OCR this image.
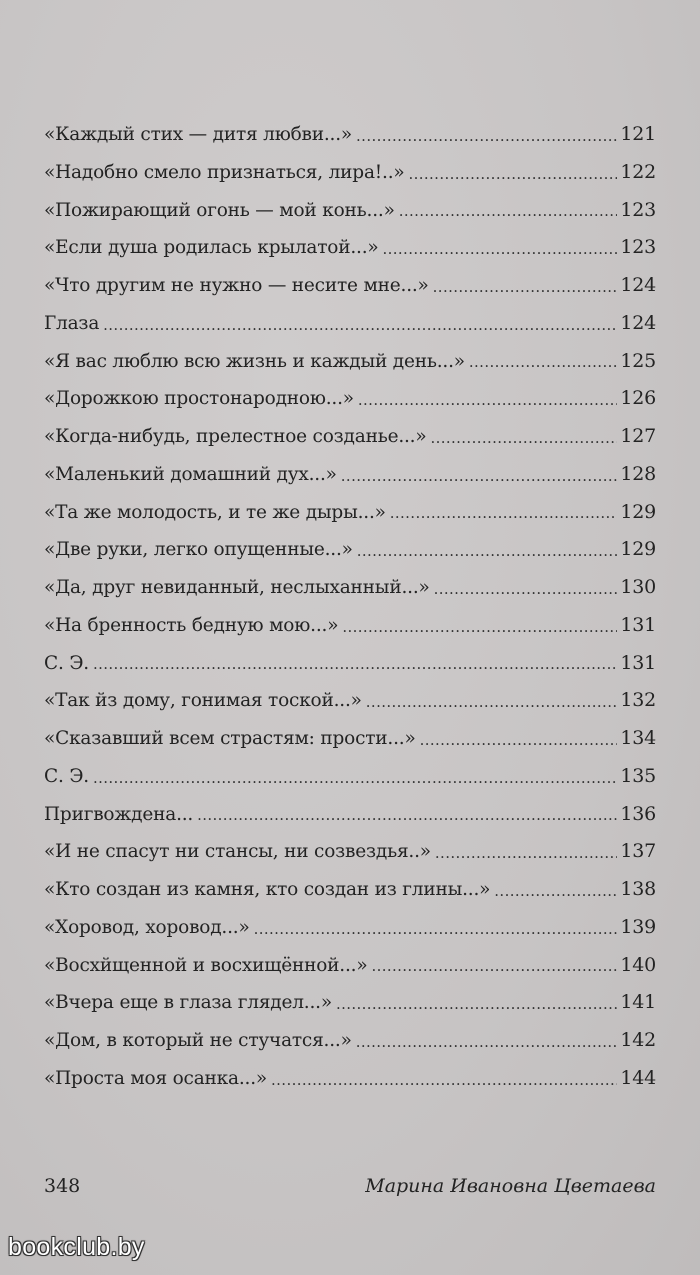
«Каждый стих — дитя любви...» . . .	121
«Надобно смело признаться, лира!..» . . .	122
«Пожирающий огонь — мой конь...» . . .	123
«Если душа родилась крылатой...» . . .	123
«Что другим не нужно — несите мне...» . . .	124
Глаза . . .	124
«Я вас люблю всю жизнь и каждый день...» . . .	125
«Дорожкою простонародною...» . . .	126
«Когда-нибудь, прелестное созданье...» . . .	127
«Маленький домашний дух...» . . .	128
«Та же молодость, и те же дыры...» . . .	129
«Две руки, легко опущенные...» . . .	129
«Да, друг невиданный, неслыханный...» . . .	130
«На бренность бедную мою...» . . .	131
С. Э. . . .	131
«Так йз дому, гонимая тоской...» . . .	132
«Сказавший всем страстям: прости...» . . .	134
С. Э. . . .	135
Пригвождена... . . .	136
«И не спасут ни стансы, ни созвездья..» . . .	137
«Кто создан из камня, кто создан из глины...» . . .	138
«Хоровод, хоровод...» . . .	139
«Восхйщенной и восхищённой...» . . .	140
«Вчера еще в глаза глядел...» . . .	141
«Дом, в который не стучатся...» . . .	142
«Проста моя осанка...» . . .	144
348	Марина Ивановна Цветаева
bookclub.by
